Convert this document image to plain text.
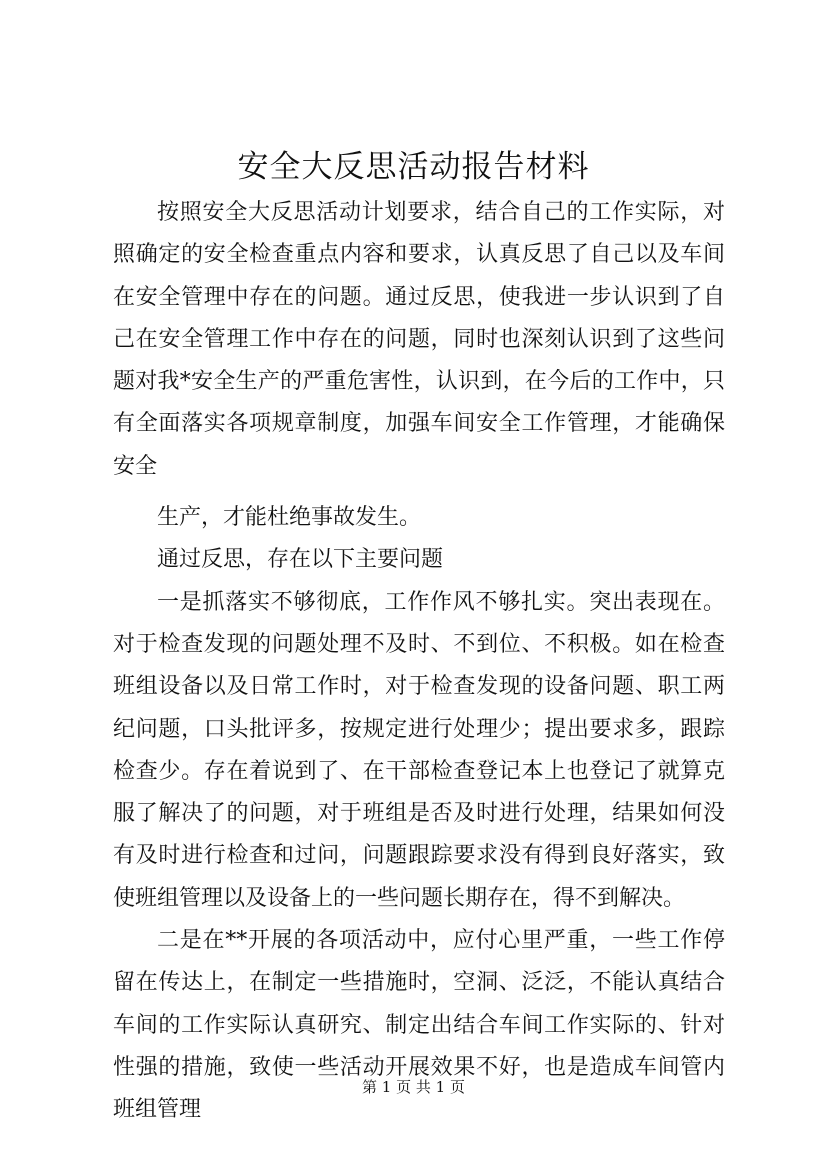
安全大反思活动报告材料

按照安全大反思活动计划要求，结合自己的工作实际，对照确定的安全检查重点内容和要求，认真反思了自己以及车间在安全管理中存在的问题。通过反思，使我进一步认识到了自己在安全管理工作中存在的问题，同时也深刻认识到了这些问题对我*安全生产的严重危害性，认识到，在今后的工作中，只有全面落实各项规章制度，加强车间安全工作管理，才能确保安全

生产，才能杜绝事故发生。

通过反思，存在以下主要问题

一是抓落实不够彻底，工作作风不够扎实。突出表现在。对于检查发现的问题处理不及时、不到位、不积极。如在检查班组设备以及日常工作时，对于检查发现的设备问题、职工两纪问题，口头批评多，按规定进行处理少；提出要求多，跟踪检查少。存在着说到了、在干部检查登记本上也登记了就算克服了解决了的问题，对于班组是否及时进行处理，结果如何没有及时进行检查和过问，问题跟踪要求没有得到良好落实，致使班组管理以及设备上的一些问题长期存在，得不到解决。

二是在**开展的各项活动中，应付心里严重，一些工作停留在传达上，在制定一些措施时，空洞、泛泛，不能认真结合车间的工作实际认真研究、制定出结合车间工作实际的、针对性强的措施，致使一些活动开展效果不好，也是造成车间管内班组管理

第 1 页 共 1 页
